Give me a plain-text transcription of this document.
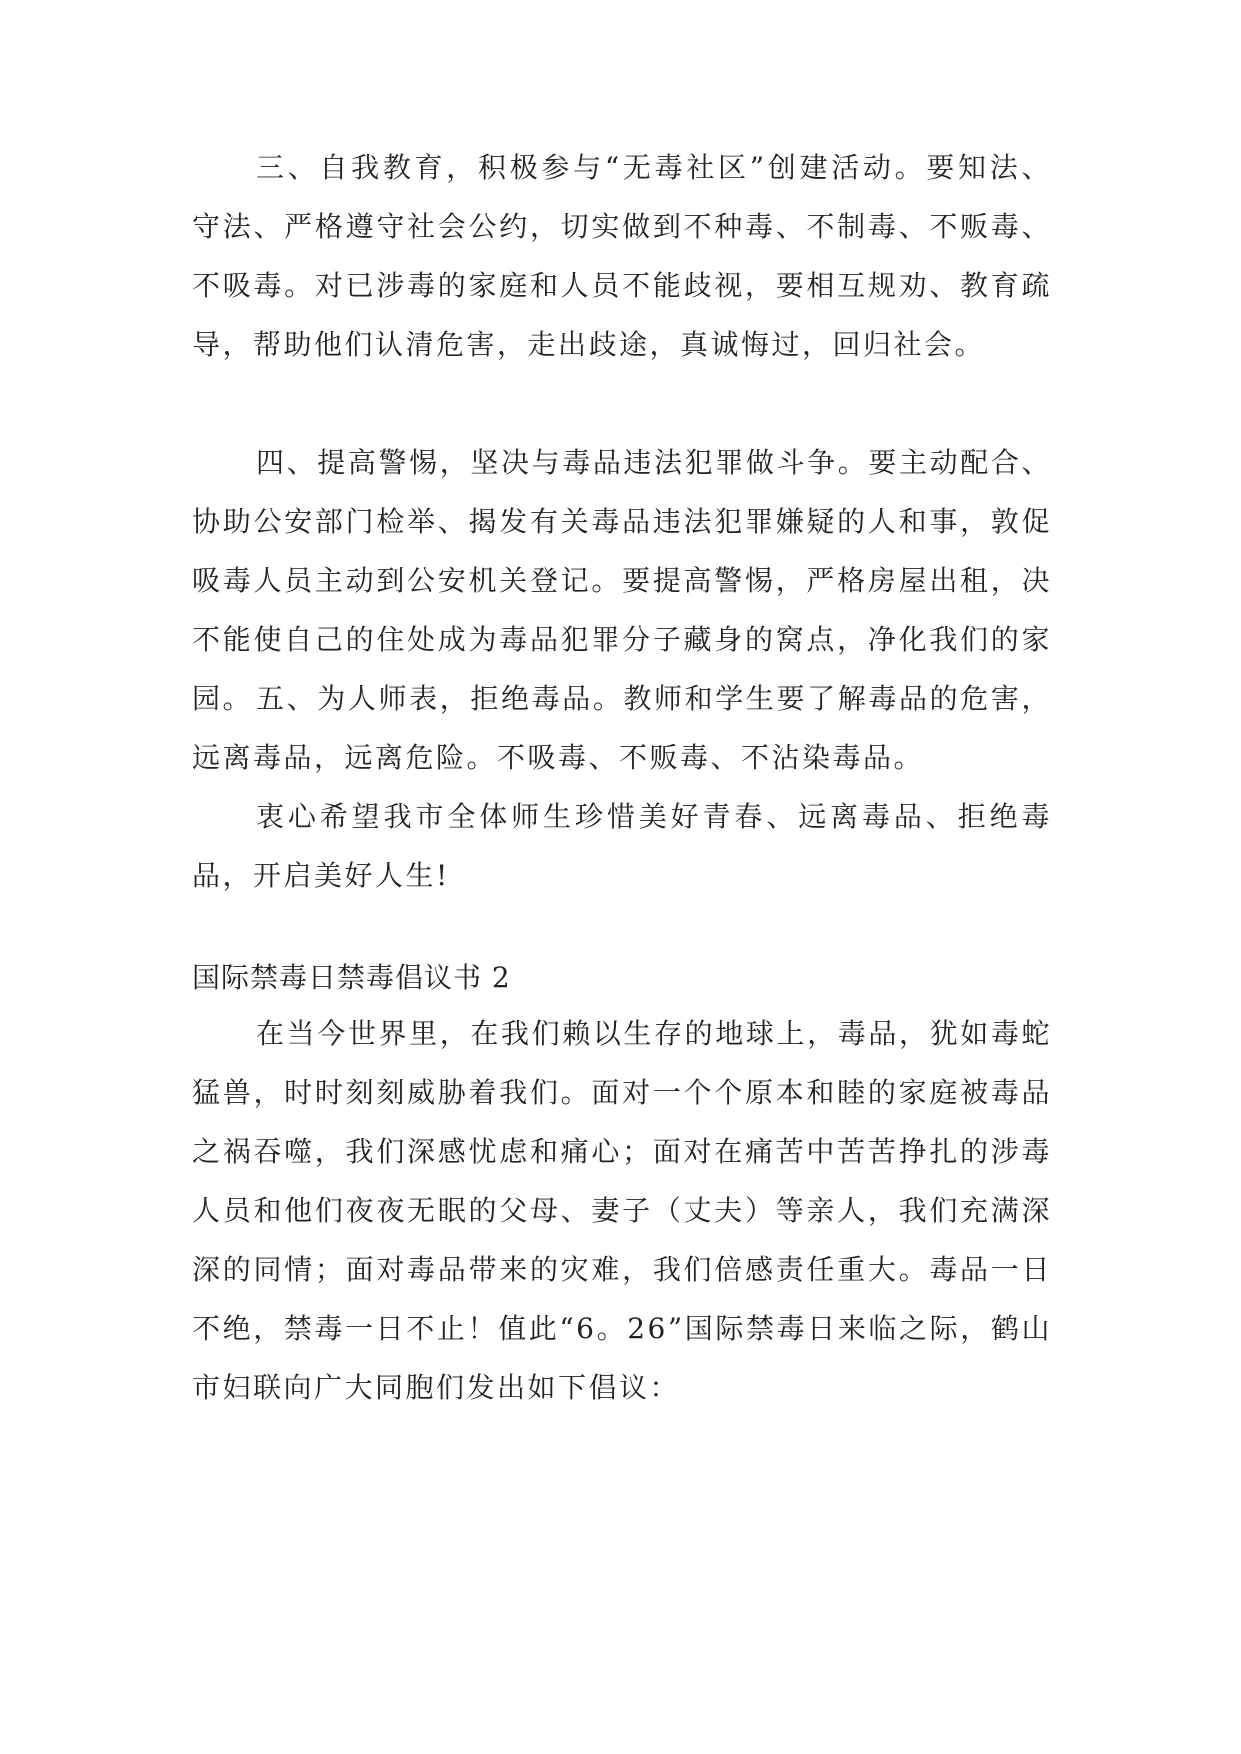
三、自我教育，积极参与“无毒社区”创建活动。要知法、守法、严格遵守社会公约，切实做到不种毒、不制毒、不贩毒、不吸毒。对已涉毒的家庭和人员不能歧视，要相互规劝、教育疏导，帮助他们认清危害，走出歧途，真诚悔过，回归社会。

四、提高警惕，坚决与毒品违法犯罪做斗争。要主动配合、协助公安部门检举、揭发有关毒品违法犯罪嫌疑的人和事，敦促吸毒人员主动到公安机关登记。要提高警惕，严格房屋出租，决不能使自己的住处成为毒品犯罪分子藏身的窝点，净化我们的家园。 五、为人师表，拒绝毒品。教师和学生要了解毒品的危害，远离毒品，远离危险。不吸毒、不贩毒、不沾染毒品。

衷心希望我市全体师生珍惜美好青春、远离毒品、拒绝毒品，开启美好人生!

国际禁毒日禁毒倡议书 2

在当今世界里，在我们赖以生存的地球上，毒品，犹如毒蛇猛兽，时时刻刻威胁着我们。面对一个个原本和睦的家庭被毒品之祸吞噬，我们深感忧虑和痛心；面对在痛苦中苦苦挣扎的涉毒人员和他们夜夜无眠的父母、妻子（丈夫）等亲人，我们充满深深的同情；面对毒品带来的灾难，我们倍感责任重大。毒品一日不绝，禁毒一日不止！值此“6。26”国际禁毒日来临之际，鹤山市妇联向广大同胞们发出如下倡议：
